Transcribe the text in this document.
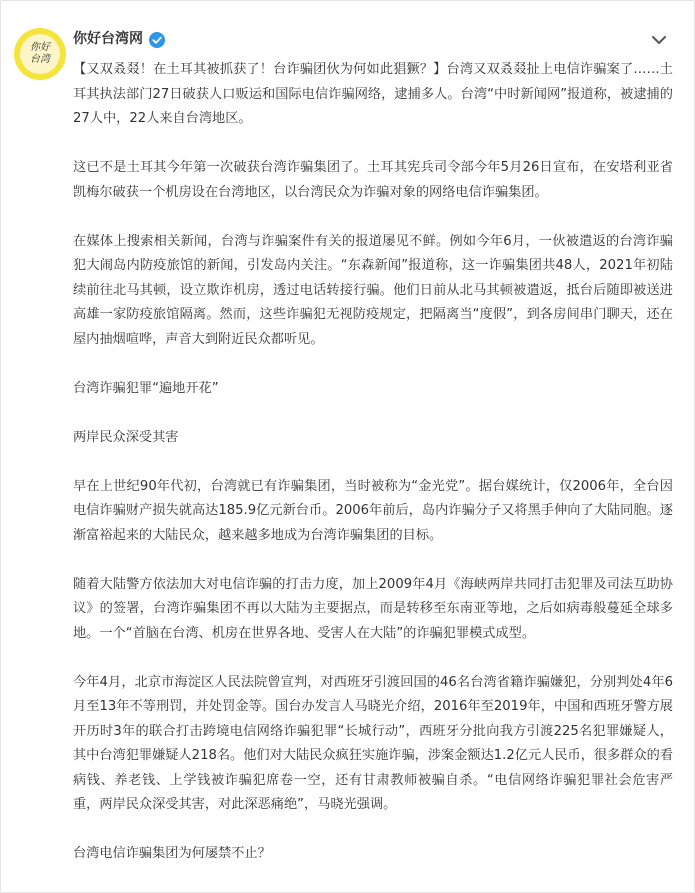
你好台湾
你好台湾网

【又双叒叕！在土耳其被抓获了！台诈骗团伙为何如此猖獗？】台湾又双叒叕扯上电信诈骗案了……土耳其执法部门27日破获人口贩运和国际电信诈骗网络，逮捕多人。台湾“中时新闻网”报道称，被逮捕的27人中，22人来自台湾地区。

这已不是土耳其今年第一次破获台湾诈骗集团了。土耳其宪兵司令部今年5月26日宣布，在安塔利亚省凯梅尔破获一个机房设在台湾地区，以台湾民众为诈骗对象的网络电信诈骗集团。

在媒体上搜索相关新闻，台湾与诈骗案件有关的报道屡见不鲜。例如今年6月，一伙被遣返的台湾诈骗犯大闹岛内防疫旅馆的新闻，引发岛内关注。“东森新闻”报道称，这一诈骗集团共48人，2021年初陆续前往北马其顿，设立欺诈机房，透过电话转接行骗。他们日前从北马其顿被遣返，抵台后随即被送进高雄一家防疫旅馆隔离。然而，这些诈骗犯无视防疫规定，把隔离当“度假”，到各房间串门聊天，还在屋内抽烟喧哗，声音大到附近民众都听见。

台湾诈骗犯罪“遍地开花”

两岸民众深受其害

早在上世纪90年代初，台湾就已有诈骗集团，当时被称为“金光党”。据台媒统计，仅2006年，全台因电信诈骗财产损失就高达185.9亿元新台币。2006年前后，岛内诈骗分子又将黑手伸向了大陆同胞。逐渐富裕起来的大陆民众，越来越多地成为台湾诈骗集团的目标。

随着大陆警方依法加大对电信诈骗的打击力度，加上2009年4月《海峡两岸共同打击犯罪及司法互助协议》的签署，台湾诈骗集团不再以大陆为主要据点，而是转移至东南亚等地，之后如病毒般蔓延全球多地。一个“首脑在台湾、机房在世界各地、受害人在大陆”的诈骗犯罪模式成型。

今年4月，北京市海淀区人民法院曾宣判，对西班牙引渡回国的46名台湾省籍诈骗嫌犯，分别判处4年6月至13年不等刑罚，并处罚金等。国台办发言人马晓光介绍，2016年至2019年，中国和西班牙警方展开历时3年的联合打击跨境电信网络诈骗犯罪“长城行动”，西班牙分批向我方引渡225名犯罪嫌疑人，其中台湾犯罪嫌疑人218名。他们对大陆民众疯狂实施诈骗，涉案金额达1.2亿元人民币，很多群众的看病钱、养老钱、上学钱被诈骗犯席卷一空，还有甘肃教师被骗自杀。“电信网络诈骗犯罪社会危害严重，两岸民众深受其害，对此深恶痛绝”，马晓光强调。

台湾电信诈骗集团为何屡禁不止？
